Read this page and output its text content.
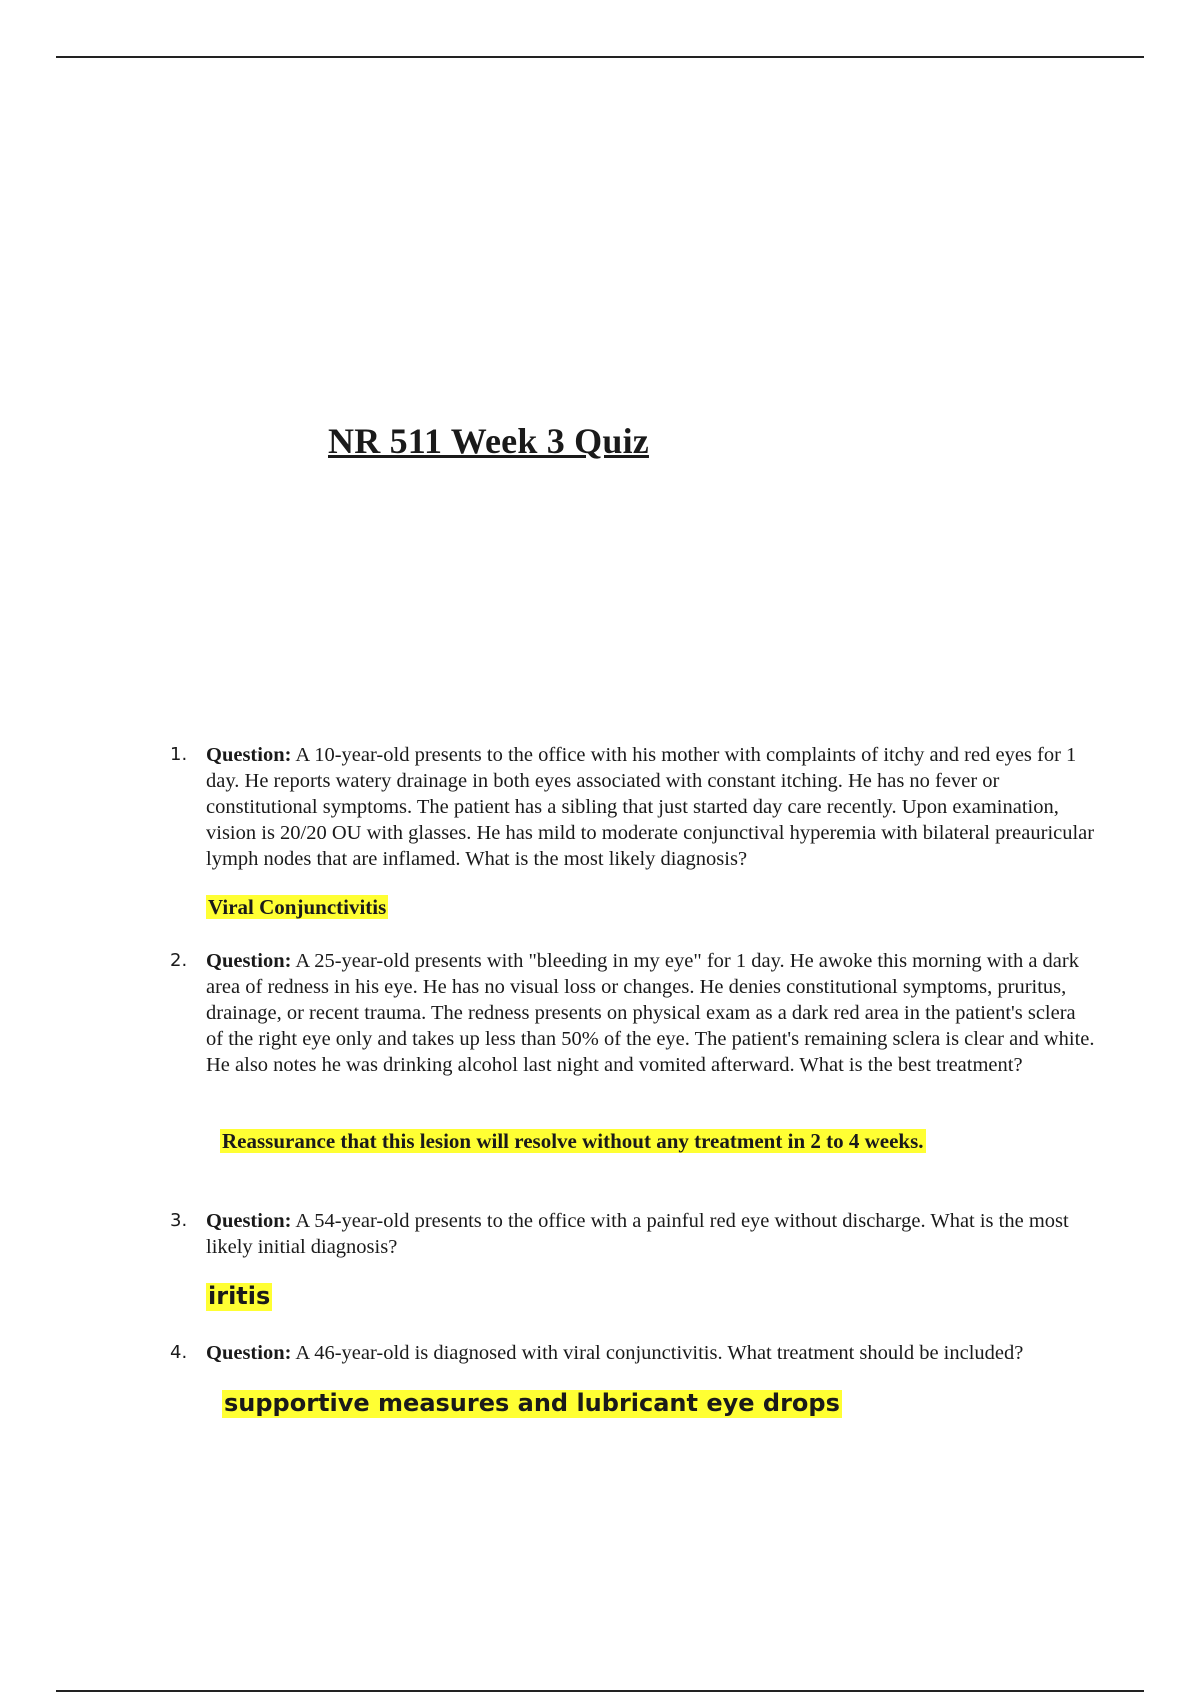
NR 511 Week 3 Quiz
1. Question: A 10-year-old presents to the office with his mother with complaints of itchy and red eyes for 1 day. He reports watery drainage in both eyes associated with constant itching. He has no fever or constitutional symptoms. The patient has a sibling that just started day care recently. Upon examination, vision is 20/20 OU with glasses. He has mild to moderate conjunctival hyperemia with bilateral preauricular lymph nodes that are inflamed. What is the most likely diagnosis?

Viral Conjunctivitis
2. Question: A 25-year-old presents with "bleeding in my eye" for 1 day. He awoke this morning with a dark area of redness in his eye. He has no visual loss or changes. He denies constitutional symptoms, pruritus, drainage, or recent trauma. The redness presents on physical exam as a dark red area in the patient's sclera of the right eye only and takes up less than 50% of the eye. The patient's remaining sclera is clear and white. He also notes he was drinking alcohol last night and vomited afterward. What is the best treatment?

Reassurance that this lesion will resolve without any treatment in 2 to 4 weeks.
3. Question: A 54-year-old presents to the office with a painful red eye without discharge. What is the most likely initial diagnosis?

iritis
4. Question: A 46-year-old is diagnosed with viral conjunctivitis. What treatment should be included?

supportive measures and lubricant eye drops
